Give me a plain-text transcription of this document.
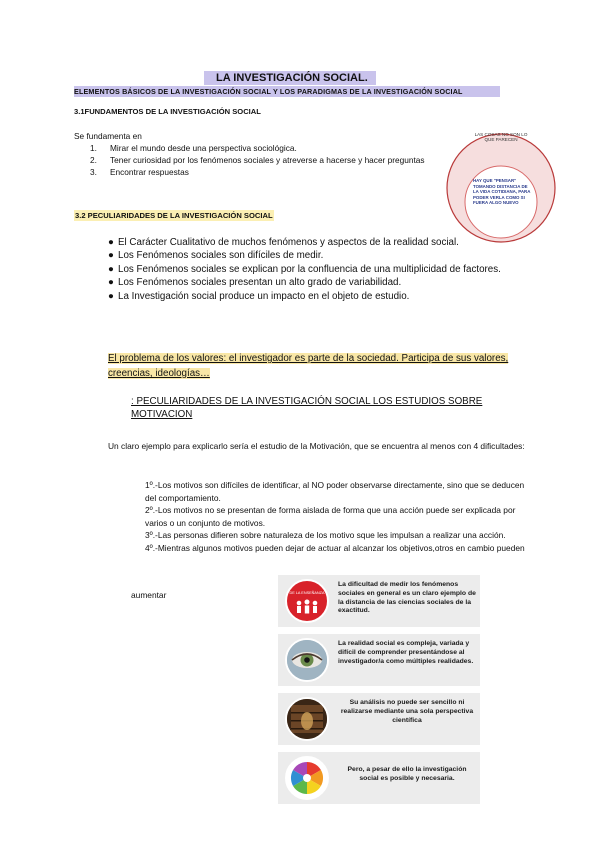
LA INVESTIGACIÓN SOCIAL.
ELEMENTOS BÁSICOS DE LA INVESTIGACIÓN SOCIAL Y LOS PARADIGMAS DE LA INVESTIGACIÓN SOCIAL
3.1FUNDAMENTOS DE LA INVESTIGACIÓN SOCIAL
Se fundamenta en
1. Mirar el mundo desde una perspectiva sociológica.
2. Tener curiosidad por los fenómenos sociales y atreverse a hacerse y hacer preguntas
3. Encontrar respuestas
LAS COSAS NO SON LO QUE PARECEN
HAY QUE "PENSAR" TOMANDO DISTANCIA DE LA VIDA COTIDIANA, PARA PODER VERLA COMO SI FUERA ALGO NUEVO
3.2 PECULIARIDADES DE LA INVESTIGACIÓN SOCIAL
● El Carácter Cualitativo de muchos fenómenos y aspectos de la realidad social.
● Los Fenómenos sociales son difíciles de medir.
● Los Fenómenos sociales se explican por la confluencia de una multiplicidad de factores.
● Los Fenómenos sociales presentan un alto grado de variabilidad.
● La Investigación social produce un impacto en el objeto de estudio.
El problema de los valores: el investigador es parte de la sociedad. Participa de sus valores, creencias, ideologías…
: PECULIARIDADES DE LA INVESTIGACIÓN SOCIAL LOS ESTUDIOS SOBRE MOTIVACION
Un claro ejemplo para explicarlo sería el estudio de la Motivación, que se encuentra al menos con 4 dificultades:
1º.-Los motivos son difíciles de identificar, al NO poder observarse directamente, sino que se deducen del comportamiento.
2º.-Los motivos no se presentan de forma aislada de forma que una acción puede ser explicada por varios o un conjunto de motivos.
3º.-Las personas difieren sobre naturaleza de los motivo sque les impulsan a realizar una acción.
4º.-Mientras algunos motivos pueden dejar de actuar al alcanzar los objetivos,otros en cambio pueden
aumentar	DE LA ENSEÑANZA
La dificultad de medir los fenómenos sociales en general es un claro ejemplo de la distancia de las ciencias sociales de la exactitud.
La realidad social es compleja, variada y difícil de comprender presentándose al investigador/a como múltiples realidades.
Su análisis no puede ser sencillo ni realizarse mediante una sola perspectiva científica
Pero, a pesar de ello la investigación social es posible y necesaria.
